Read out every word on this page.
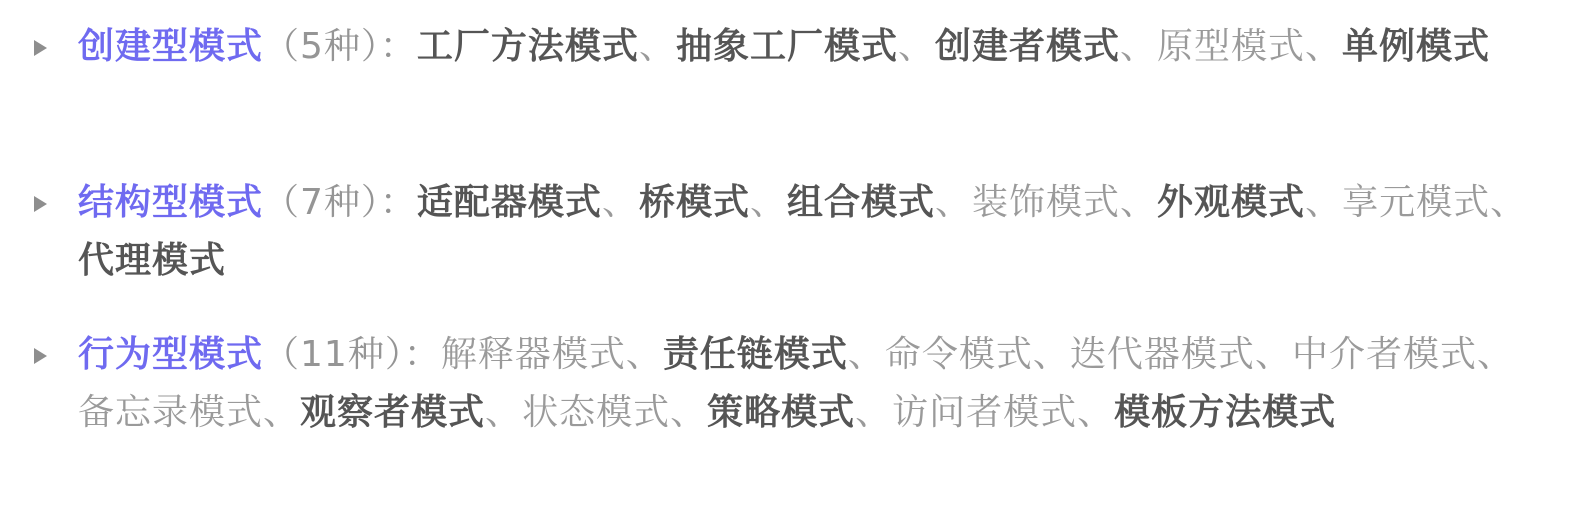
创建型模式（5种）：工厂方法模式、抽象工厂模式、创建者模式、原型模式、单例模式
结构型模式（7种）：适配器模式、桥模式、组合模式、装饰模式、外观模式、享元模式、代理模式
行为型模式（11种）：解释器模式、责任链模式、命令模式、迭代器模式、中介者模式、备忘录模式、观察者模式、状态模式、策略模式、访问者模式、模板方法模式
